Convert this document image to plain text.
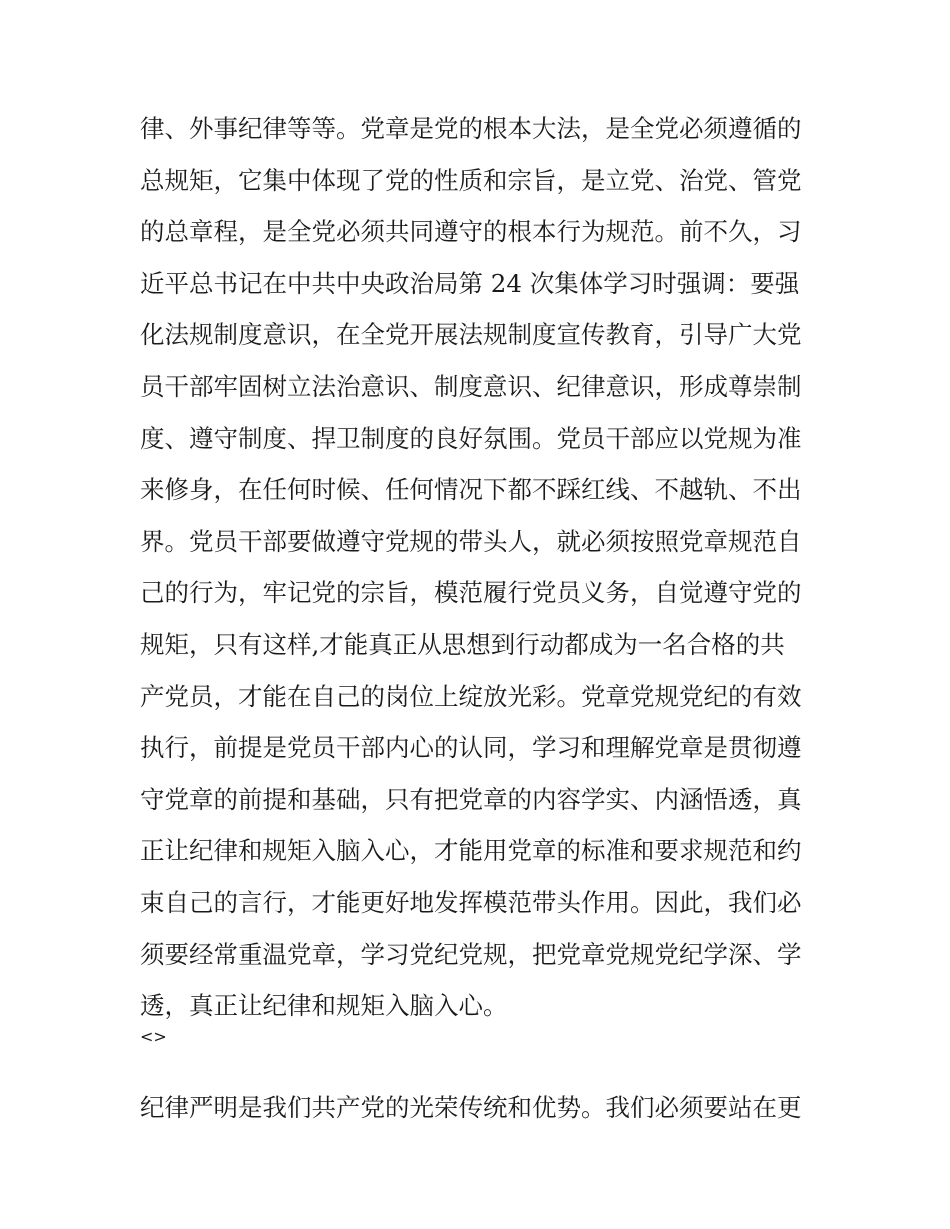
律、外事纪律等等。党章是党的根本大法，是全党必须遵循的
总规矩，它集中体现了党的性质和宗旨，是立党、治党、管党
的总章程，是全党必须共同遵守的根本行为规范。前不久，习
近平总书记在中共中央政治局第 24 次集体学习时强调：要强
化法规制度意识，在全党开展法规制度宣传教育，引导广大党
员干部牢固树立法治意识、制度意识、纪律意识，形成尊崇制
度、遵守制度、捍卫制度的良好氛围。党员干部应以党规为准
来修身，在任何时候、任何情况下都不踩红线、不越轨、不出
界。党员干部要做遵守党规的带头人，就必须按照党章规范自
己的行为，牢记党的宗旨，模范履行党员义务，自觉遵守党的
规矩，只有这样,才能真正从思想到行动都成为一名合格的共
产党员，才能在自己的岗位上绽放光彩。党章党规党纪的有效
执行，前提是党员干部内心的认同，学习和理解党章是贯彻遵
守党章的前提和基础，只有把党章的内容学实、内涵悟透，真
正让纪律和规矩入脑入心，才能用党章的标准和要求规范和约
束自己的言行，才能更好地发挥模范带头作用。因此，我们必
须要经常重温党章，学习党纪党规，把党章党规党纪学深、学
透，真正让纪律和规矩入脑入心。
<>
纪律严明是我们共产党的光荣传统和优势。我们必须要站在更
